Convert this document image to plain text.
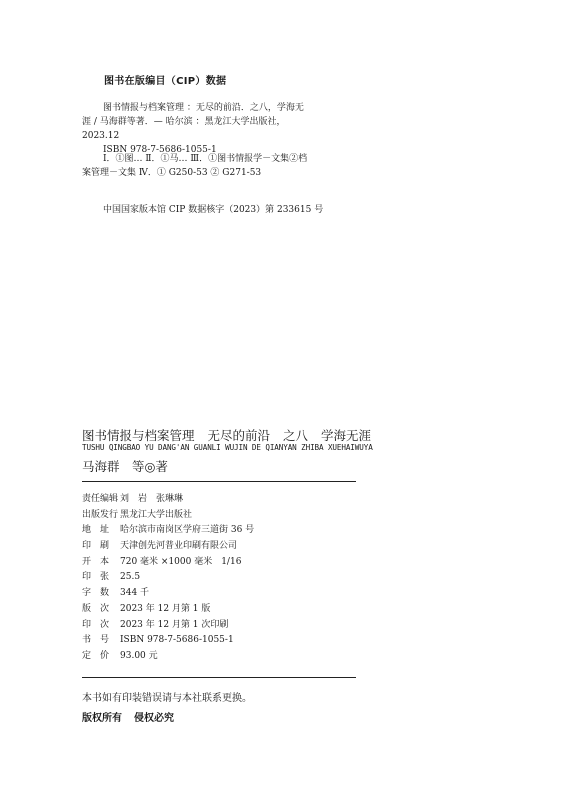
图书在版编目（CIP）数据
图书情报与档案管理 ：无尽的前沿．之八，学海无
涯 / 马海群等著．— 哈尔滨 ：黑龙江大学出版社，
2023.12
ISBN 978-7-5686-1055-1
Ⅰ．①图… Ⅱ．①马… Ⅲ．①图书情报学－文集②档
案管理－文集 Ⅳ．① G250-53 ② G271-53
中国国家版本馆 CIP 数据核字（2023）第 233615 号
图书情报与档案管理 无尽的前沿 之八 学海无涯
TUSHU QINGBAO YU DANG'AN GUANLI WUJIN DE QIANYAN ZHIBA XUEHAIWUYA
马海群　等◎著
责任编辑 刘　岩　张琳琳
出版发行 黑龙江大学出版社
地　址	哈尔滨市南岗区学府三道街 36 号
印　刷	天津创先河普业印刷有限公司
开　本	720 毫米 ×1000 毫米　1/16
印　张	25.5
字　数	344 千
版　次	2023 年 12 月第 1 版
印　次	2023 年 12 月第 1 次印刷
书　号	ISBN 978-7-5686-1055-1
定　价	93.00 元
本书如有印装错误请与本社联系更换。
版权所有 侵权必究
